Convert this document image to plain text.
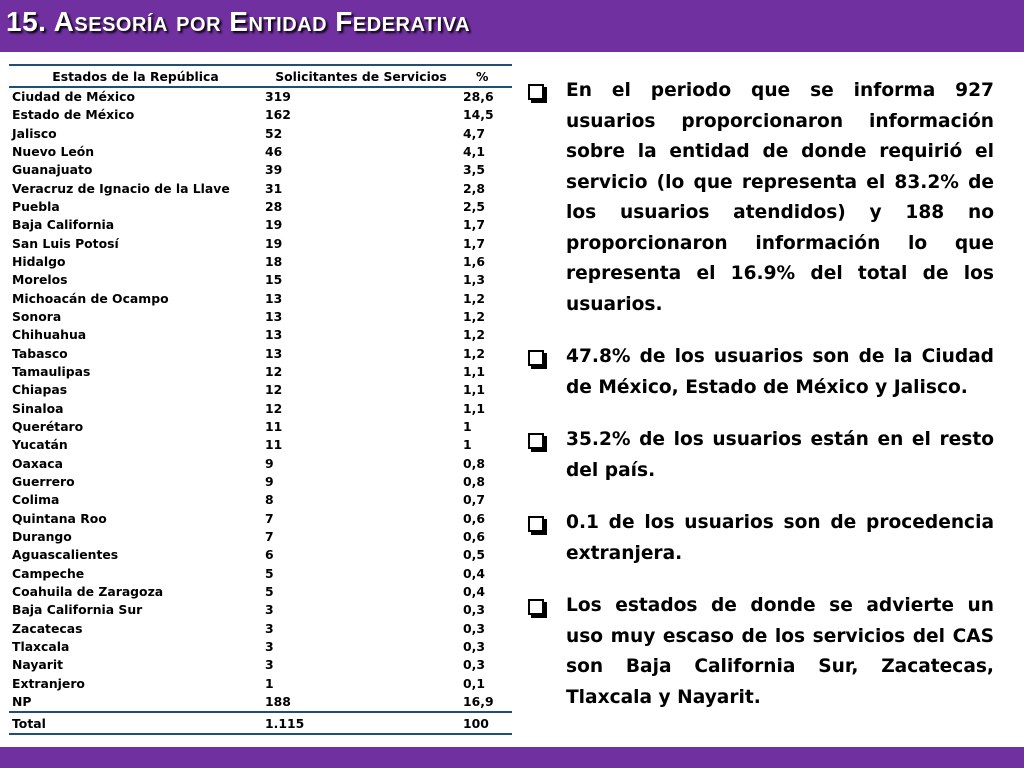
15. Asesoría por Entidad Federativa
Estados de la República	Solicitantes de Servicios	%
Ciudad de México	319	28,6
Estado de México	162	14,5
Jalisco	52	4,7
Nuevo León	46	4,1
Guanajuato	39	3,5
Veracruz de Ignacio de la Llave	31	2,8
Puebla	28	2,5
Baja California	19	1,7
San Luis Potosí	19	1,7
Hidalgo	18	1,6
Morelos	15	1,3
Michoacán de Ocampo	13	1,2
Sonora	13	1,2
Chihuahua	13	1,2
Tabasco	13	1,2
Tamaulipas	12	1,1
Chiapas	12	1,1
Sinaloa	12	1,1
Querétaro	11	1
Yucatán	11	1
Oaxaca	9	0,8
Guerrero	9	0,8
Colima	8	0,7
Quintana Roo	7	0,6
Durango	7	0,6
Aguascalientes	6	0,5
Campeche	5	0,4
Coahuila de Zaragoza	5	0,4
Baja California Sur	3	0,3
Zacatecas	3	0,3
Tlaxcala	3	0,3
Nayarit	3	0,3
Extranjero	1	0,1
NP	188	16,9
Total	1.115	100
En el periodo que se informa 927 usuarios proporcionaron información sobre la entidad de donde requirió el servicio (lo que representa el 83.2% de los usuarios atendidos) y 188 no proporcionaron información lo que representa el 16.9% del total de los usuarios.
47.8% de los usuarios son de la Ciudad de México, Estado de México y Jalisco.
35.2% de los usuarios están en el resto del país.
0.1 de los usuarios son de procedencia extranjera.
Los estados de donde se advierte un uso muy escaso de los servicios del CAS son Baja California Sur, Zacatecas, Tlaxcala y Nayarit.
